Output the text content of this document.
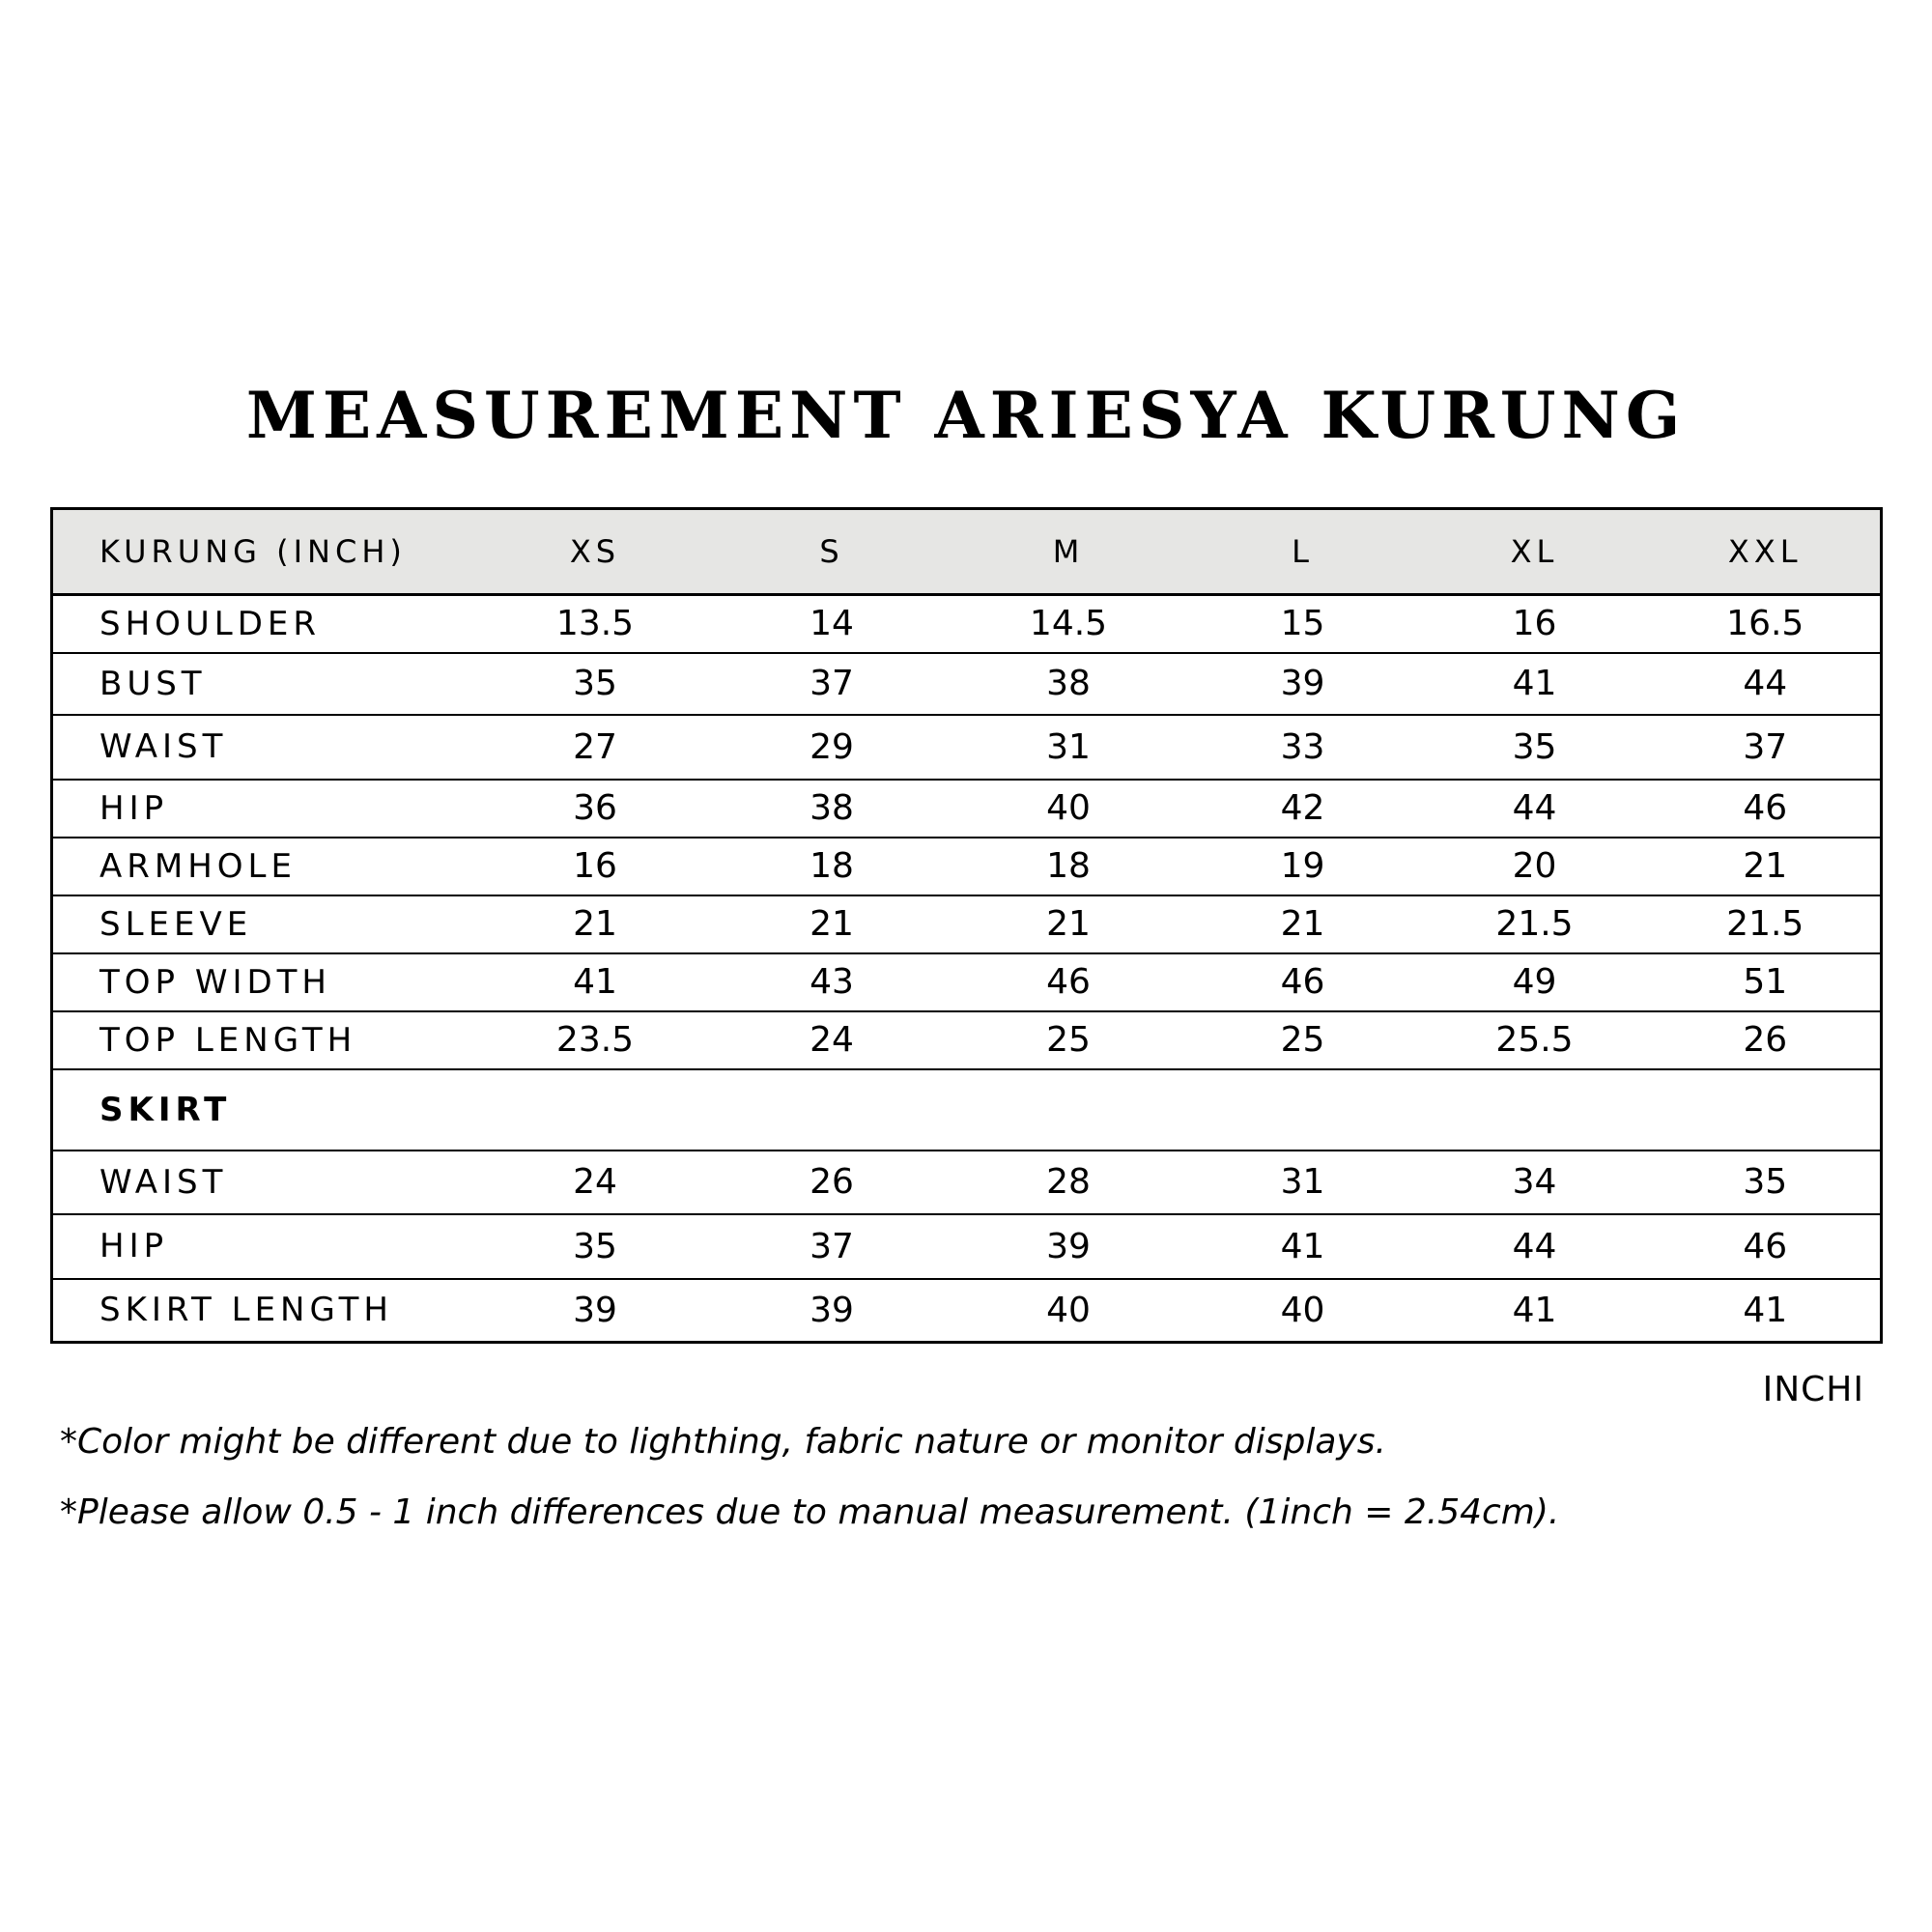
MEASUREMENT ARIESYA KURUNG
KURUNG (INCH)	XS	S	M	L	XL	XXL
SHOULDER	13.5	14	14.5	15	16	16.5
BUST	35	37	38	39	41	44
WAIST	27	29	31	33	35	37
HIP	36	38	40	42	44	46
ARMHOLE	16	18	18	19	20	21
SLEEVE	21	21	21	21	21.5	21.5
TOP WIDTH	41	43	46	46	49	51
TOP LENGTH	23.5	24	25	25	25.5	26
SKIRT						
WAIST	24	26	28	31	34	35
HIP	35	37	39	41	44	46
SKIRT LENGTH	39	39	40	40	41	41
INCHI
*Color might be different due to lighthing, fabric nature or monitor displays.
*Please allow 0.5 - 1 inch differences due to manual measurement. (1inch = 2.54cm).
